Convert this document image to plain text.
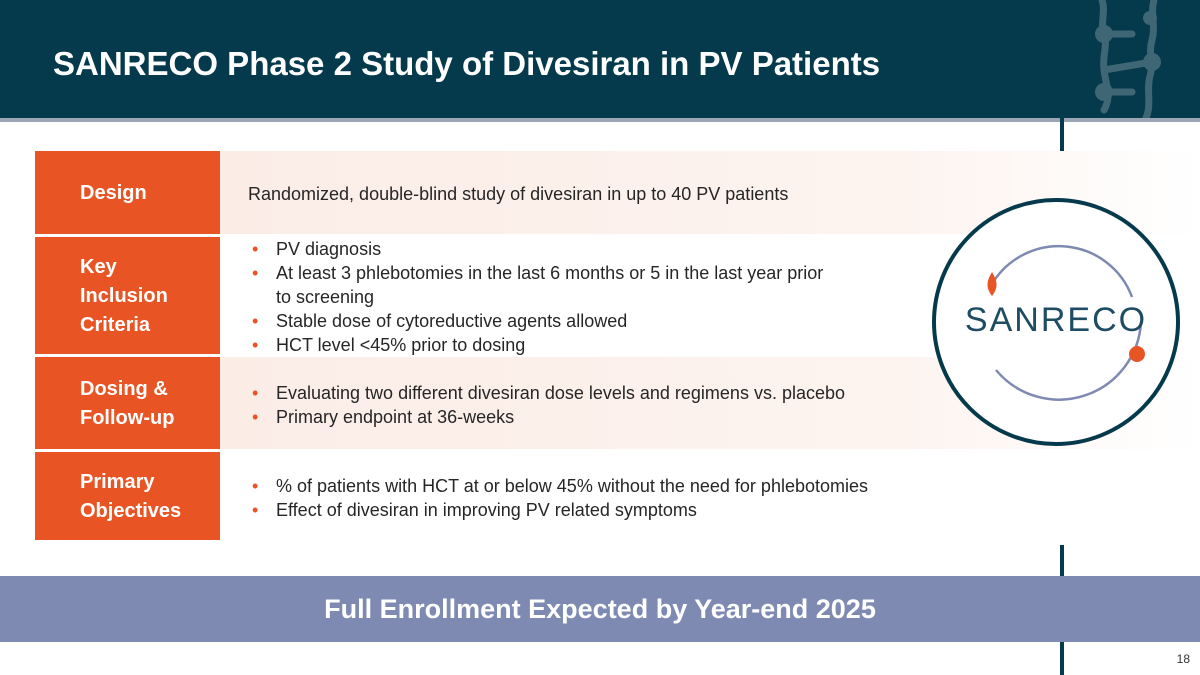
SANRECO Phase 2 Study of Divesiran in PV Patients
Design	Randomized, double-blind study of divesiran in up to 40 PV patients
Key
Inclusion
Criteria
• PV diagnosis
• At least 3 phlebotomies in the last 6 months or 5 in the last year prior
to screening
• Stable dose of cytoreductive agents allowed
• HCT level <45% prior to dosing
Dosing &
Follow-up
• Evaluating two different divesiran dose levels and regimens vs. placebo
• Primary endpoint at 36-weeks
Primary
Objectives
• % of patients with HCT at or below 45% without the need for phlebotomies
• Effect of divesiran in improving PV related symptoms
SANRECO
Full Enrollment Expected by Year-end 2025
18
